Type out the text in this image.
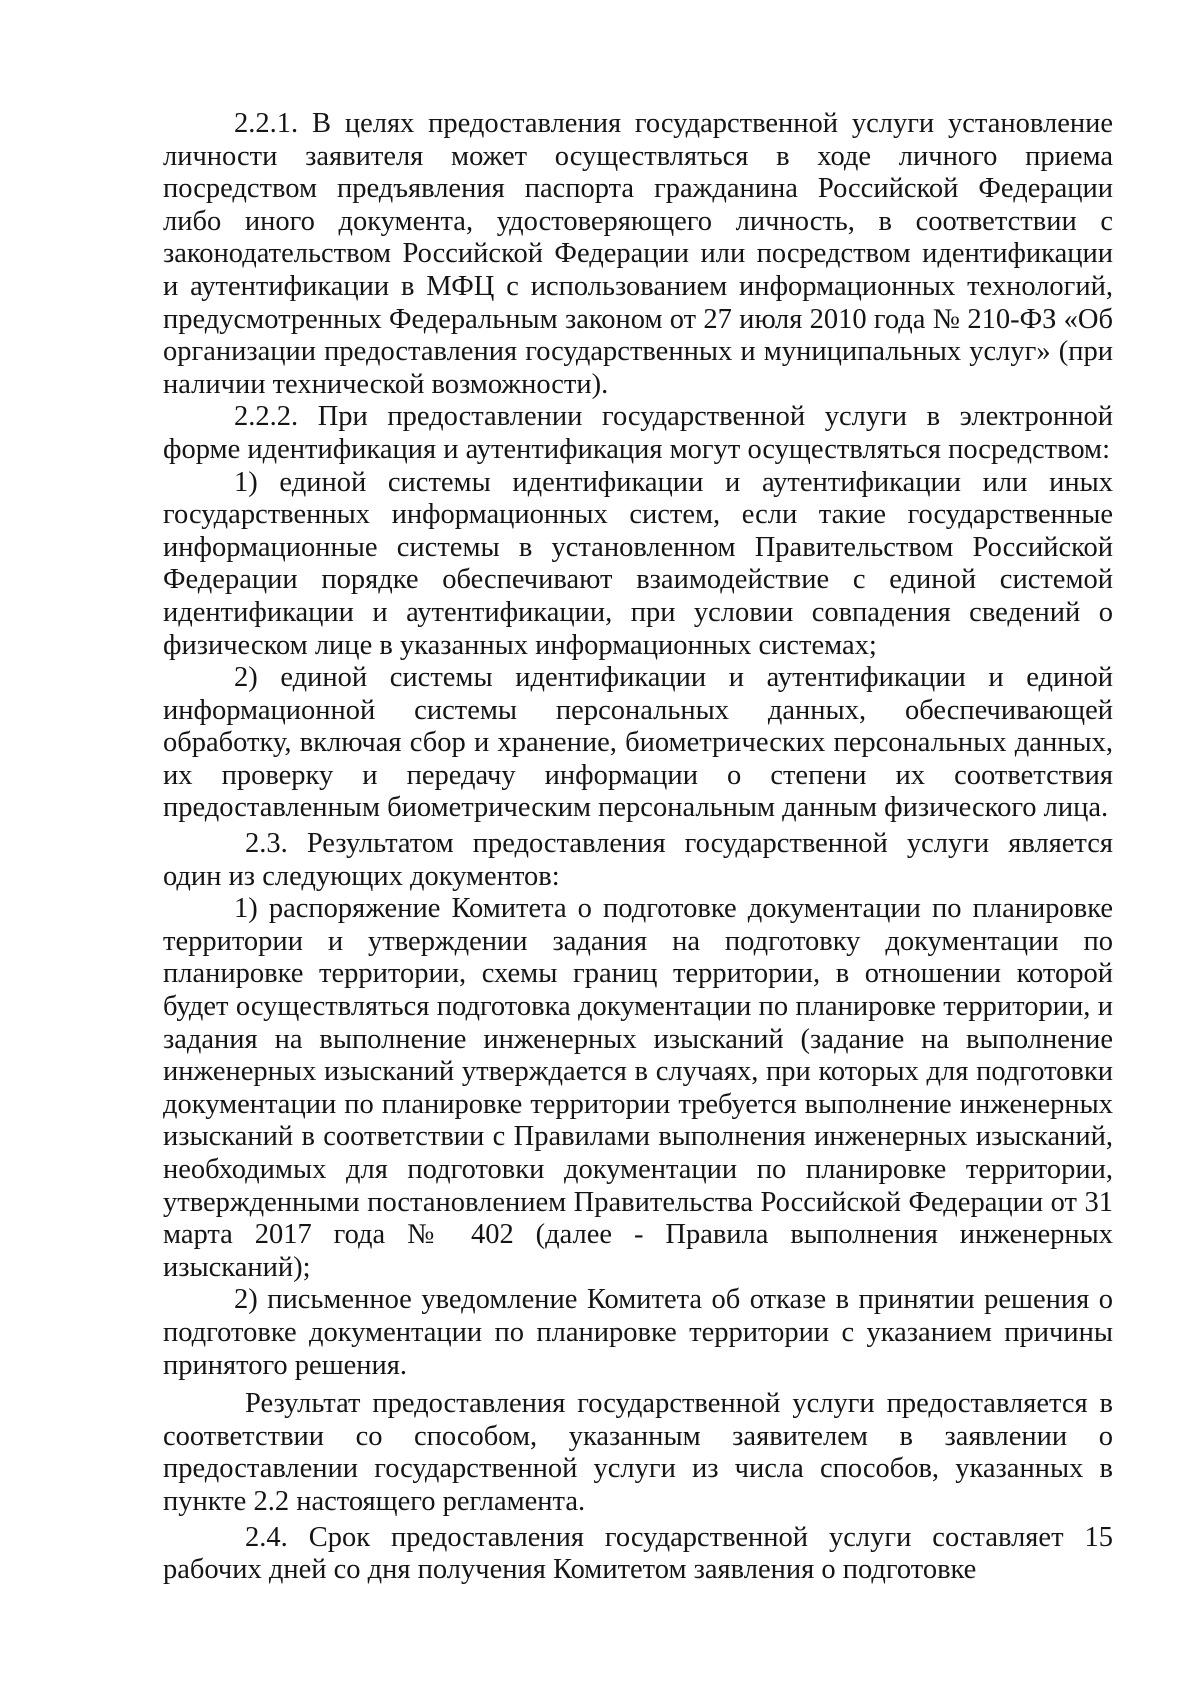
2.2.1. В целях предоставления государственной услуги установление личности заявителя может осуществляться в ходе личного приема посредством предъявления паспорта гражданина Российской Федерации либо иного документа, удостоверяющего личность, в соответствии с законодательством Российской Федерации или посредством идентификации и аутентификации в МФЦ с использованием информационных технологий, предусмотренных Федеральным законом от 27 июля 2010 года № 210-ФЗ «Об организации предоставления государственных и муниципальных услуг» (при наличии технической возможности).

2.2.2. При предоставлении государственной услуги в электронной форме идентификация и аутентификация могут осуществляться посредством:

1) единой системы идентификации и аутентификации или иных государственных информационных систем, если такие государственные информационные системы в установленном Правительством Российской Федерации порядке обеспечивают взаимодействие с единой системой идентификации и аутентификации, при условии совпадения сведений о физическом лице в указанных информационных системах;

2) единой системы идентификации и аутентификации и единой информационной системы персональных данных, обеспечивающей обработку, включая сбор и хранение, биометрических персональных данных, их проверку и передачу информации о степени их соответствия предоставленным биометрическим персональным данным физического лица.

2.3. Результатом предоставления государственной услуги является один из следующих документов:

1) распоряжение Комитета о подготовке документации по планировке территории и утверждении задания на подготовку документации по планировке территории, схемы границ территории, в отношении которой будет осуществляться подготовка документации по планировке территории, и задания на выполнение инженерных изысканий (задание на выполнение инженерных изысканий утверждается в случаях, при которых для подготовки документации по планировке территории требуется выполнение инженерных изысканий в соответствии с Правилами выполнения инженерных изысканий, необходимых для подготовки документации по планировке территории, утвержденными постановлением Правительства Российской Федерации от 31 марта 2017 года № 402 (далее - Правила выполнения инженерных изысканий);

2) письменное уведомление Комитета об отказе в принятии решения о подготовке документации по планировке территории с указанием причины принятого решения.

Результат предоставления государственной услуги предоставляется в соответствии со способом, указанным заявителем в заявлении о предоставлении государственной услуги из числа способов, указанных в пункте 2.2 настоящего регламента.

2.4. Срок предоставления государственной услуги составляет 15 рабочих дней со дня получения Комитетом заявления о подготовке
